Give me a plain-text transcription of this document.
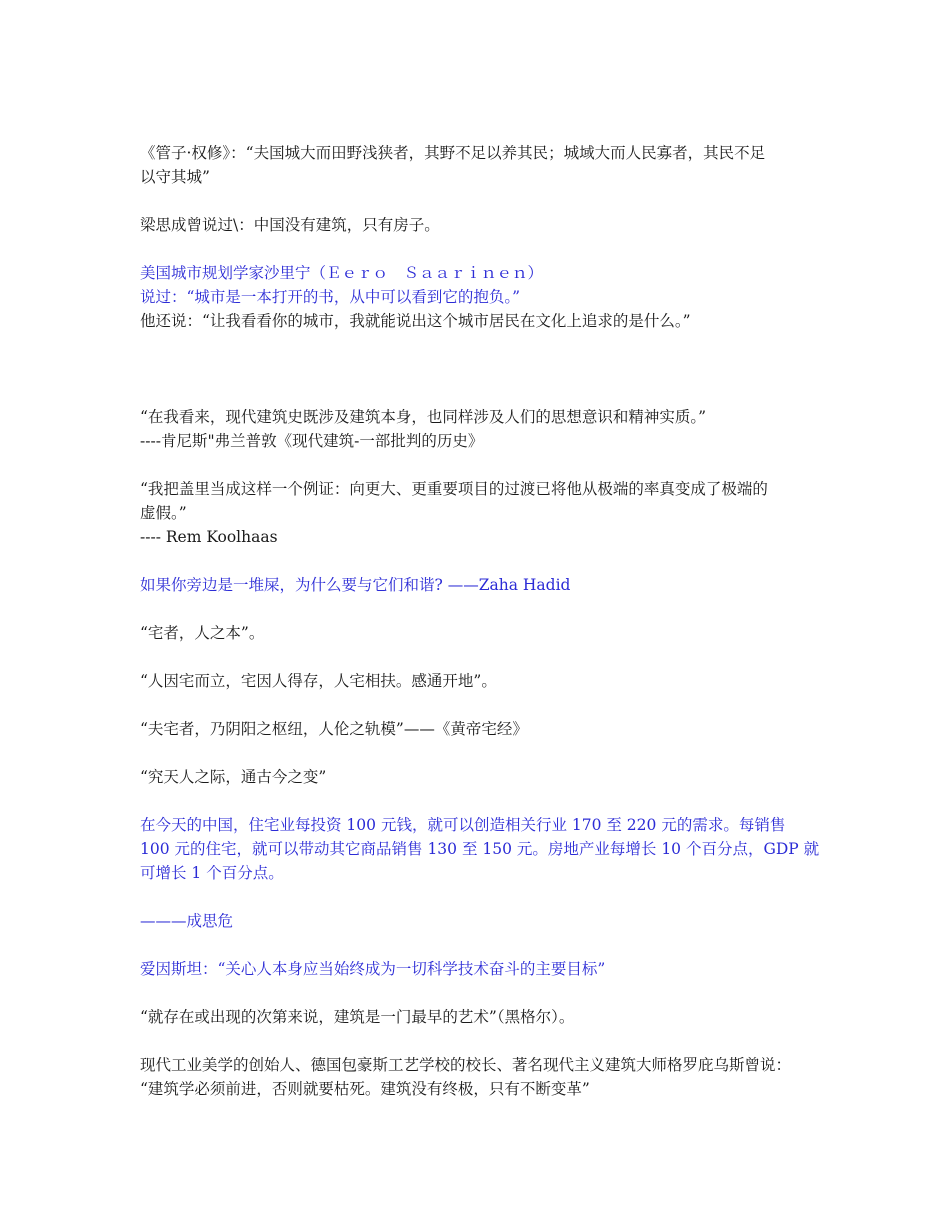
《管子·权修》：“夫国城大而田野浅狭者，其野不足以养其民；城域大而人民寡者，其民不足
以守其城”
梁思成曾说过\：中国没有建筑，只有房子。
美国城市规划学家沙里宁（Ｅｅｒｏ　Ｓａａｒｉｎｅｎ）
说过：“城市是一本打开的书，从中可以看到它的抱负。”
他还说：“让我看看你的城市，我就能说出这个城市居民在文化上追求的是什么。”
“在我看来，现代建筑史既涉及建筑本身，也同样涉及人们的思想意识和精神实质。”
----肯尼斯"弗兰普敦《现代建筑-一部批判的历史》
“我把盖里当成这样一个例证：向更大、更重要项目的过渡已将他从极端的率真变成了极端的
虚假。”
---- Rem Koolhaas
如果你旁边是一堆屎，为什么要与它们和谐? ——Zaha Hadid
“宅者，人之本”。
“人因宅而立，宅因人得存，人宅相扶。感通开地”。
“夫宅者，乃阴阳之枢纽，人伦之轨模”——《黄帝宅经》
“究天人之际，通古今之变”
在今天的中国，住宅业每投资 100 元钱，就可以创造相关行业 170 至 220 元的需求。每销售
100 元的住宅，就可以带动其它商品销售 130 至 150 元。房地产业每增长 10 个百分点，GDP 就
可增长 1 个百分点。
———成思危
爱因斯坦：“关心人本身应当始终成为一切科学技术奋斗的主要目标”
“就存在或出现的次第来说，建筑是一门最早的艺术”（黑格尔）。
现代工业美学的创始人、德国包豪斯工艺学校的校长、著名现代主义建筑大师格罗庇乌斯曾说：
“建筑学必须前进，否则就要枯死。建筑没有终极，只有不断变革”
